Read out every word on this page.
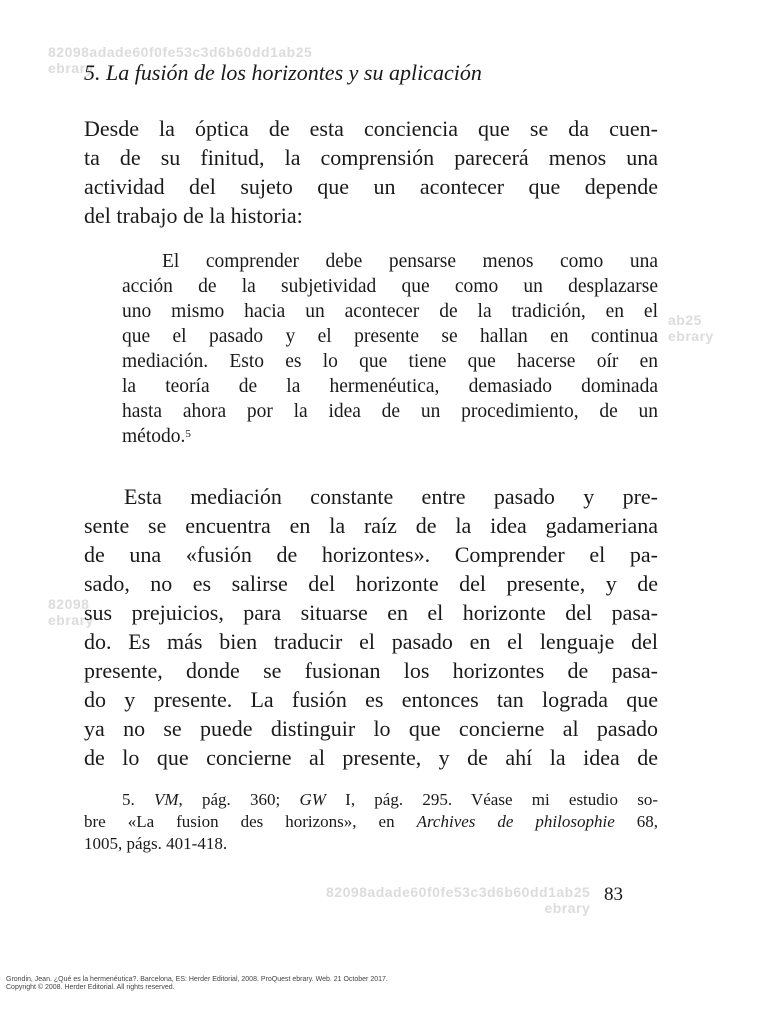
82098adade60f0fe53c3d6b60dd1ab25
ebrary
ab25
ebrary
82098
ebrary
82098adade60f0fe53c3d6b60dd1ab25
ebrary
5. La fusión de los horizontes y su aplicación

Desde la óptica de esta conciencia que se da cuen-
ta de su finitud, la comprensión parecerá menos una
actividad del sujeto que un acontecer que depende
del trabajo de la historia:

El comprender debe pensarse menos como una
acción de la subjetividad que como un desplazarse
uno mismo hacia un acontecer de la tradición, en el
que el pasado y el presente se hallan en continua
mediación. Esto es lo que tiene que hacerse oír en
la teoría de la hermenéutica, demasiado dominada
hasta ahora por la idea de un procedimiento, de un
método.$^5$

Esta mediación constante entre pasado y pre-
sente se encuentra en la raíz de la idea gadameriana
de una «fusión de horizontes». Comprender el pa-
sado, no es salirse del horizonte del presente, y de
sus prejuicios, para situarse en el horizonte del pasa-
do. Es más bien traducir el pasado en el lenguaje del
presente, donde se fusionan los horizontes de pasa-
do y presente. La fusión es entonces tan lograda que
ya no se puede distinguir lo que concierne al pasado
de lo que concierne al presente, y de ahí la idea de

5. VM, pág. 360; GW I, pág. 295. Véase mi estudio so-
bre «La fusion des horizons», en Archives de philosophie 68,
1005, págs. 401-418.

83
Grondin, Jean. ¿Qué es la hermenéutica?. Barcelona, ES: Herder Editorial, 2008. ProQuest ebrary. Web. 21 October 2017.
Copyright © 2008. Herder Editorial. All rights reserved.
